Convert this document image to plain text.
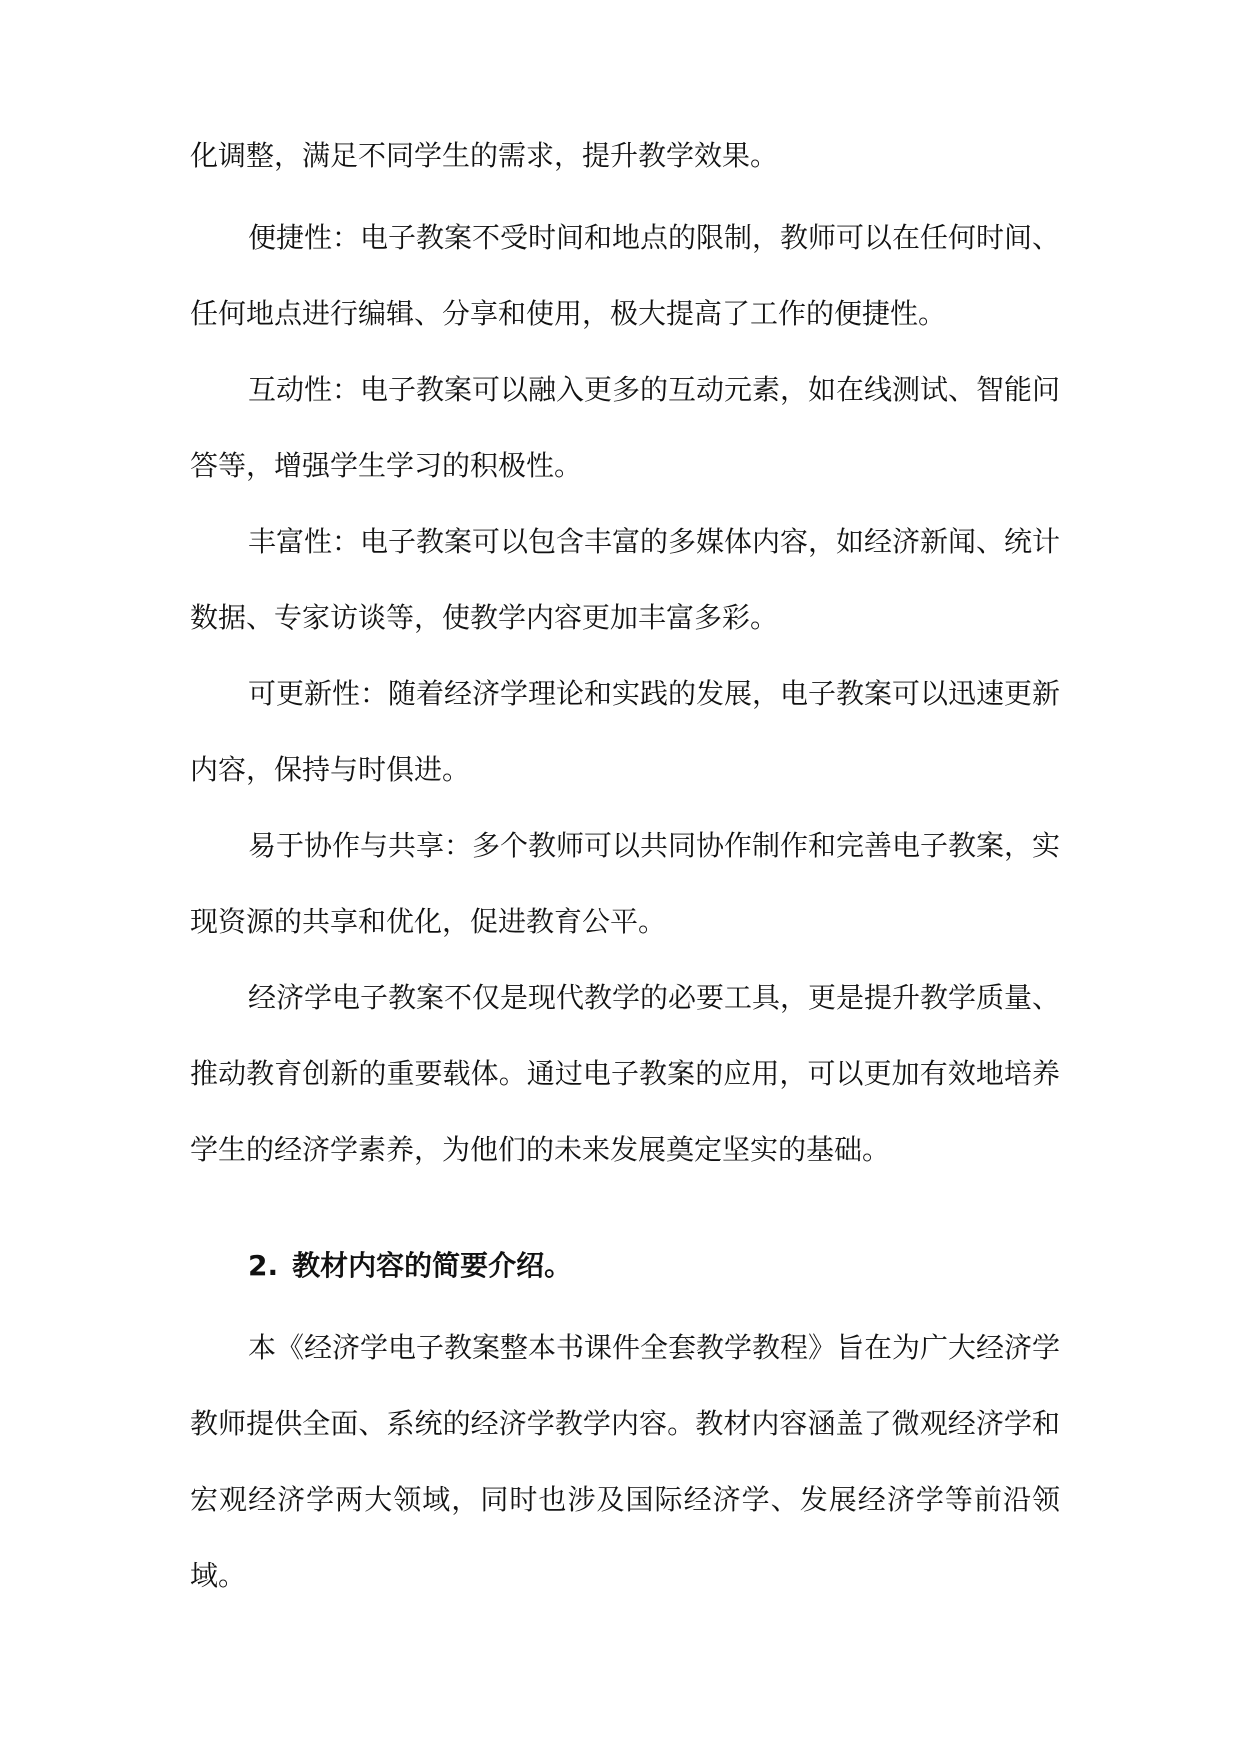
化调整，满足不同学生的需求，提升教学效果。

便捷性：电子教案不受时间和地点的限制，教师可以在任何时间、任何地点进行编辑、分享和使用，极大提高了工作的便捷性。

互动性：电子教案可以融入更多的互动元素，如在线测试、智能问答等，增强学生学习的积极性。

丰富性：电子教案可以包含丰富的多媒体内容，如经济新闻、统计数据、专家访谈等，使教学内容更加丰富多彩。

可更新性：随着经济学理论和实践的发展，电子教案可以迅速更新内容，保持与时俱进。

易于协作与共享：多个教师可以共同协作制作和完善电子教案，实现资源的共享和优化，促进教育公平。

经济学电子教案不仅是现代教学的必要工具，更是提升教学质量、推动教育创新的重要载体。通过电子教案的应用，可以更加有效地培养学生的经济学素养，为他们的未来发展奠定坚实的基础。

2. 教材内容的简要介绍。

本《经济学电子教案整本书课件全套教学教程》旨在为广大经济学教师提供全面、系统的经济学教学内容。教材内容涵盖了微观经济学和宏观经济学两大领域，同时也涉及国际经济学、发展经济学等前沿领域。
